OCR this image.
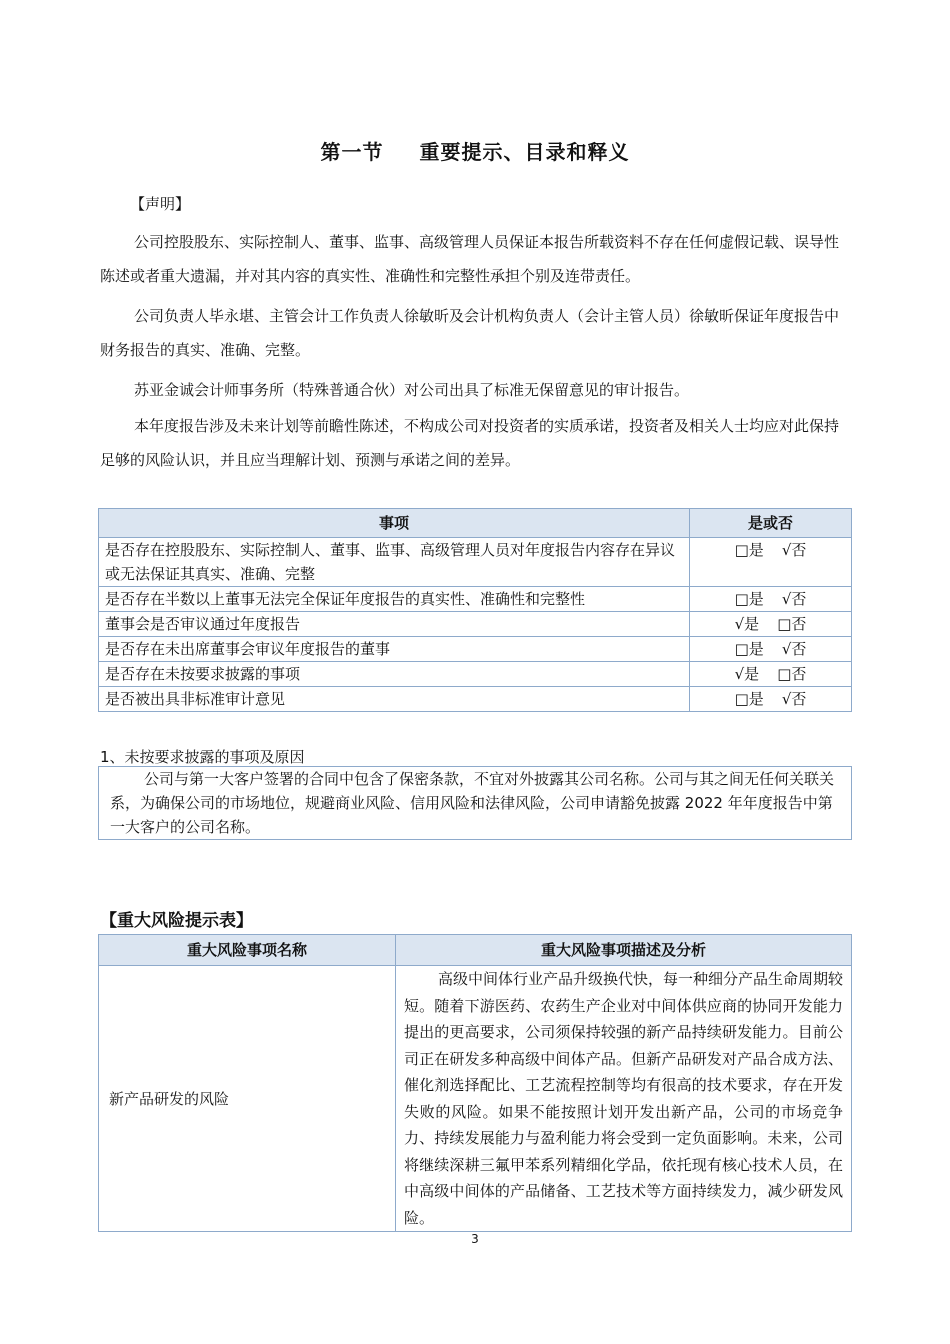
第一节 重要提示、目录和释义
【声明】
公司控股股东、实际控制人、董事、监事、高级管理人员保证本报告所载资料不存在任何虚假记载、误导性陈述或者重大遗漏，并对其内容的真实性、准确性和完整性承担个别及连带责任。
公司负责人毕永堪、主管会计工作负责人徐敏昕及会计机构负责人（会计主管人员）徐敏昕保证年度报告中财务报告的真实、准确、完整。
苏亚金诚会计师事务所（特殊普通合伙）对公司出具了标准无保留意见的审计报告。
本年度报告涉及未来计划等前瞻性陈述，不构成公司对投资者的实质承诺，投资者及相关人士均应对此保持足够的风险认识，并且应当理解计划、预测与承诺之间的差异。
事项	是或否
是否存在控股股东、实际控制人、董事、监事、高级管理人员对年度报告内容存在异议或无法保证其真实、准确、完整	□是 √否
是否存在半数以上董事无法完全保证年度报告的真实性、准确性和完整性	□是 √否
董事会是否审议通过年度报告	√是 □否
是否存在未出席董事会审议年度报告的董事	□是 √否
是否存在未按要求披露的事项	√是 □否
是否被出具非标准审计意见	□是 √否
1、未按要求披露的事项及原因
公司与第一大客户签署的合同中包含了保密条款，不宜对外披露其公司名称。公司与其之间无任何关联关系，为确保公司的市场地位，规避商业风险、信用风险和法律风险，公司申请豁免披露 2022 年年度报告中第一大客户的公司名称。
【重大风险提示表】
重大风险事项名称	重大风险事项描述及分析
新产品研发的风险	高级中间体行业产品升级换代快，每一种细分产品生命周期较短。随着下游医药、农药生产企业对中间体供应商的协同开发能力提出的更高要求，公司须保持较强的新产品持续研发能力。目前公司正在研发多种高级中间体产品。但新产品研发对产品合成方法、催化剂选择配比、工艺流程控制等均有很高的技术要求，存在开发失败的风险。如果不能按照计划开发出新产品，公司的市场竞争力、持续发展能力与盈利能力将会受到一定负面影响。未来，公司将继续深耕三氟甲苯系列精细化学品，依托现有核心技术人员，在中高级中间体的产品储备、工艺技术等方面持续发力，减少研发风险。
3
